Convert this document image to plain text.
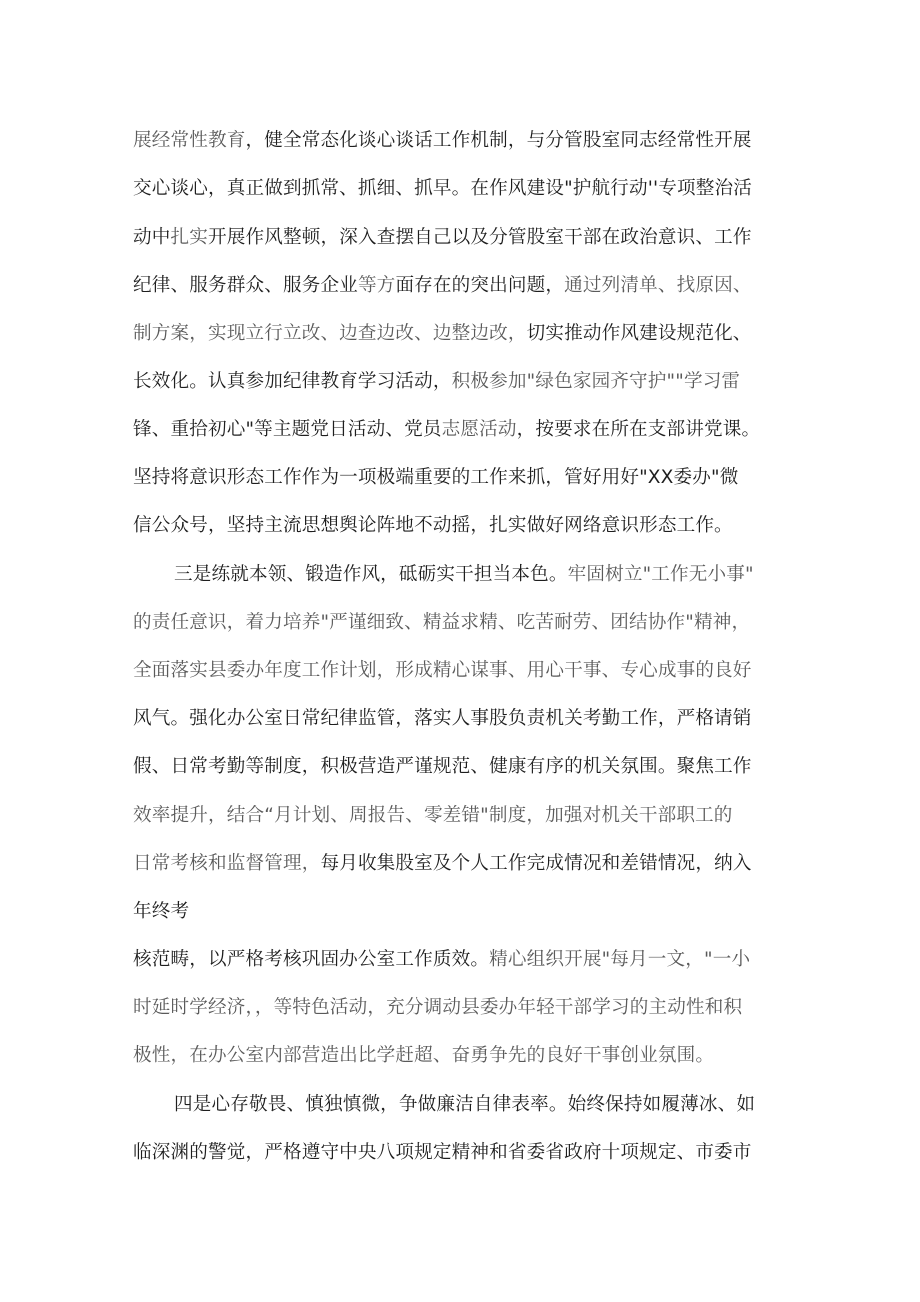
展经常性教育，健全常态化谈心谈话工作机制，与分管股室同志经常性开展
交心谈心，真正做到抓常、抓细、抓早。在作风建设"护航行动''专项整治活
动中扎实开展作风整顿，深入查摆自己以及分管股室干部在政治意识、工作
纪律、服务群众、服务企业等方面存在的突出问题，通过列清单、找原因、
制方案，实现立行立改、边查边改、边整边改，切实推动作风建设规范化、
长效化。认真参加纪律教育学习活动，积极参加"绿色家园齐守护""学习雷
锋、重拾初心"等主题党日活动、党员志愿活动，按要求在所在支部讲党课。
坚持将意识形态工作作为一项极端重要的工作来抓，管好用好"XX委办"微
信公众号，坚持主流思想舆论阵地不动摇，扎实做好网络意识形态工作。
三是练就本领、锻造作风，砥砺实干担当本色。牢固树立"工作无小事"
的责任意识，着力培养"严谨细致、精益求精、吃苦耐劳、团结协作"精神，
全面落实县委办年度工作计划，形成精心谋事、用心干事、专心成事的良好
风气。强化办公室日常纪律监管，落实人事股负责机关考勤工作，严格请销
假、日常考勤等制度，积极营造严谨规范、健康有序的机关氛围。聚焦工作
效率提升，结合“月计划、周报告、零差错"制度，加强对机关干部职工的
日常考核和监督管理，每月收集股室及个人工作完成情况和差错情况，纳入
年终考
核范畴，以严格考核巩固办公室工作质效。精心组织开展"每月一文，"一小
时延时学经济，，等特色活动，充分调动县委办年轻干部学习的主动性和积
极性，在办公室内部营造出比学赶超、奋勇争先的良好干事创业氛围。
四是心存敬畏、慎独慎微，争做廉洁自律表率。始终保持如履薄冰、如
临深渊的警觉，严格遵守中央八项规定精神和省委省政府十项规定、市委市
